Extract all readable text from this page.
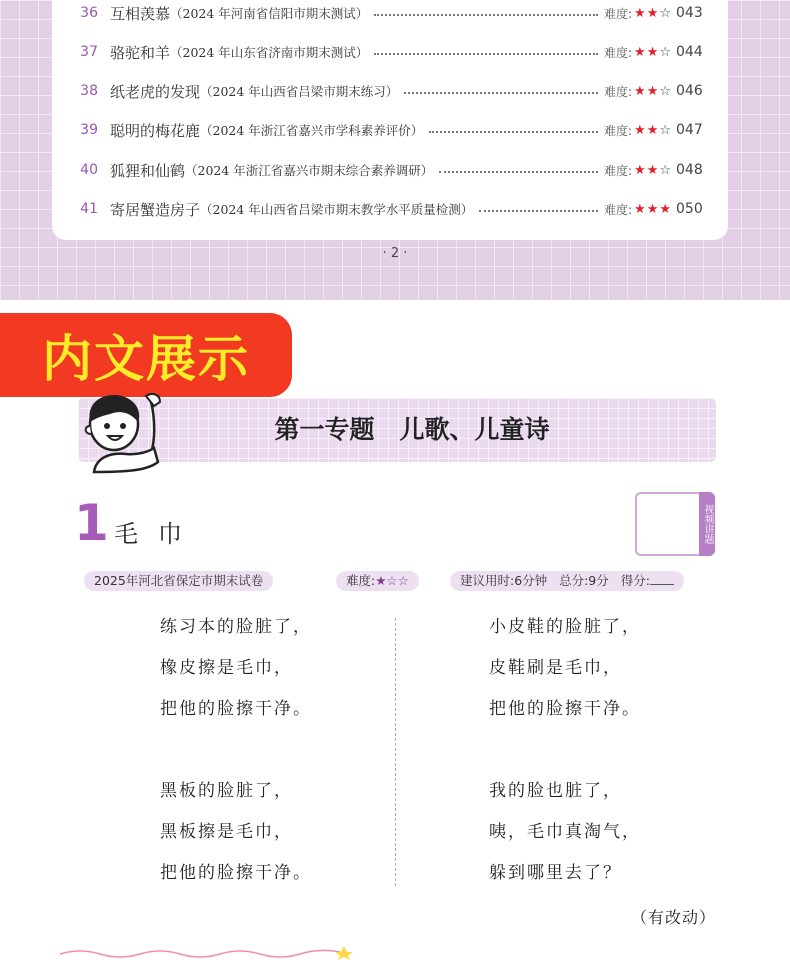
36 互相羡慕 （2024 年河南省信阳市期末测试）	难度: ★★☆ 043
37 骆驼和羊 （2024 年山东省济南市期末测试）	难度: ★★☆ 044
38 纸老虎的发现 （2024 年山西省吕梁市期末练习）	难度: ★★☆ 046
39 聪明的梅花鹿 （2024 年浙江省嘉兴市学科素养评价）	难度: ★★☆ 047
40 狐狸和仙鹤 （2024 年浙江省嘉兴市期末综合素养调研）	难度: ★★☆ 048
41 寄居蟹造房子 （2024 年山西省吕梁市期末教学水平质量检测）	难度: ★★★ 050
· 2 ·
内文展示
第一专题　儿歌、儿童诗
1 毛巾	视频讲题
2025年河北省保定市期末试卷	难度:★☆☆	建议用时:6分钟 总分:9分 得分:
练习本的脸脏了，
橡皮擦是毛巾，
把他的脸擦干净。
黑板的脸脏了，
黑板擦是毛巾，
把他的脸擦干净。
小皮鞋的脸脏了，
皮鞋刷是毛巾，
把他的脸擦干净。
我的脸也脏了，
咦，毛巾真淘气，
躲到哪里去了？
（有改动）
